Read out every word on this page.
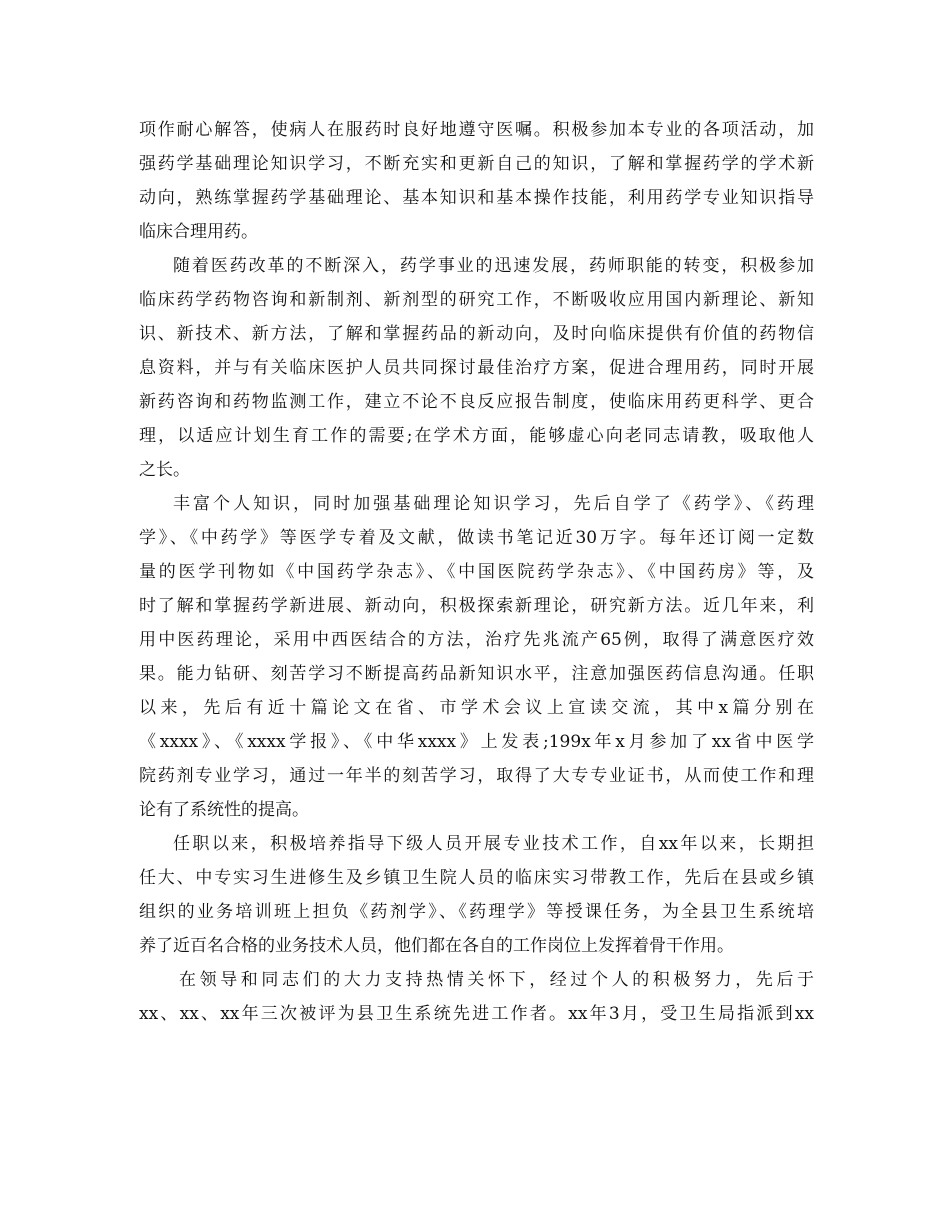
项作耐心解答，使病人在服药时良好地遵守医嘱。积极参加本专业的各项活动，加
强药学基础理论知识学习，不断充实和更新自己的知识，了解和掌握药学的学术新
动向，熟练掌握药学基础理论、基本知识和基本操作技能，利用药学专业知识指导
临床合理用药。
随着医药改革的不断深入，药学事业的迅速发展，药师职能的转变，积极参加
临床药学药物咨询和新制剂、新剂型的研究工作，不断吸收应用国内新理论、新知
识、新技术、新方法，了解和掌握药品的新动向，及时向临床提供有价值的药物信
息资料，并与有关临床医护人员共同探讨最佳治疗方案，促进合理用药，同时开展
新药咨询和药物监测工作，建立不论不良反应报告制度，使临床用药更科学、更合
理，以适应计划生育工作的需要;在学术方面，能够虚心向老同志请教，吸取他人
之长。
丰富个人知识，同时加强基础理论知识学习，先后自学了《药学》、《药理
学》、《中药学》等医学专着及文献，做读书笔记近30万字。每年还订阅一定数
量的医学刊物如《中国药学杂志》、《中国医院药学杂志》、《中国药房》等，及
时了解和掌握药学新进展、新动向，积极探索新理论，研究新方法。近几年来，利
用中医药理论，采用中西医结合的方法，治疗先兆流产65例，取得了满意医疗效
果。能力钻研、刻苦学习不断提高药品新知识水平，注意加强医药信息沟通。任职
以来，先后有近十篇论文在省、市学术会议上宣读交流，其中x篇分别在
《xxxx》、《xxxx学报》、《中华xxxx》上发表;199x年x月参加了xx省中医学
院药剂专业学习，通过一年半的刻苦学习，取得了大专专业证书，从而使工作和理
论有了系统性的提高。
任职以来，积极培养指导下级人员开展专业技术工作，自xx年以来，长期担
任大、中专实习生进修生及乡镇卫生院人员的临床实习带教工作，先后在县或乡镇
组织的业务培训班上担负《药剂学》、《药理学》等授课任务，为全县卫生系统培
养了近百名合格的业务技术人员，他们都在各自的工作岗位上发挥着骨干作用。
在领导和同志们的大力支持热情关怀下，经过个人的积极努力，先后于
xx、xx、xx年三次被评为县卫生系统先进工作者。xx年3月，受卫生局指派到xx
